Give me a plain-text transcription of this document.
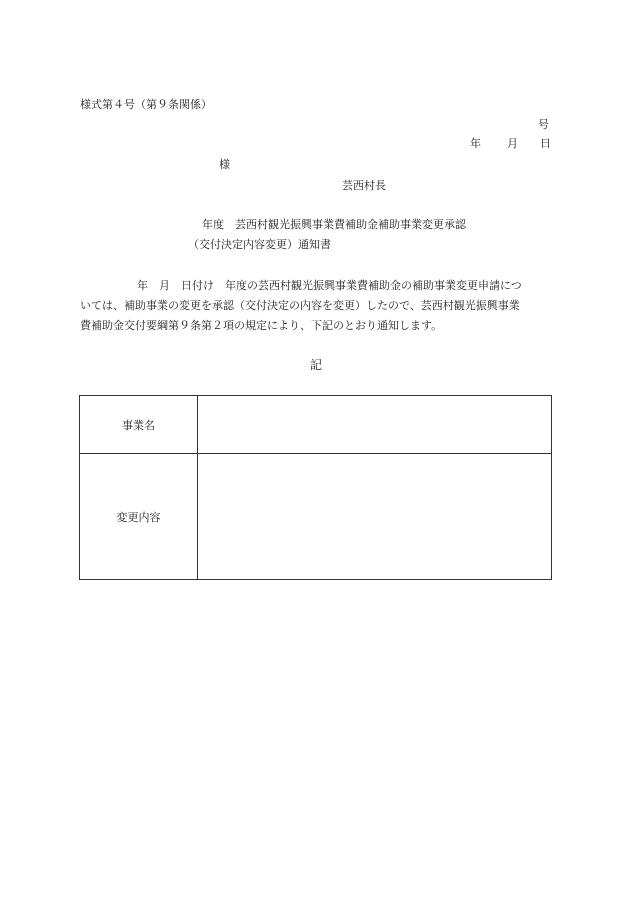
様式第４号（第９条関係）
号
年 月 日
様
芸西村長
年度　芸西村観光振興事業費補助金補助事業変更承認
（交付決定内容変更）通知書
年　月　日付け　年度の芸西村観光振興事業費補助金の補助事業変更申請につ
いては、補助事業の変更を承認（交付決定の内容を変更）したので、芸西村観光振興事業
費補助金交付要綱第９条第２項の規定により、下記のとおり通知します。
記
事業名	
変更内容	
